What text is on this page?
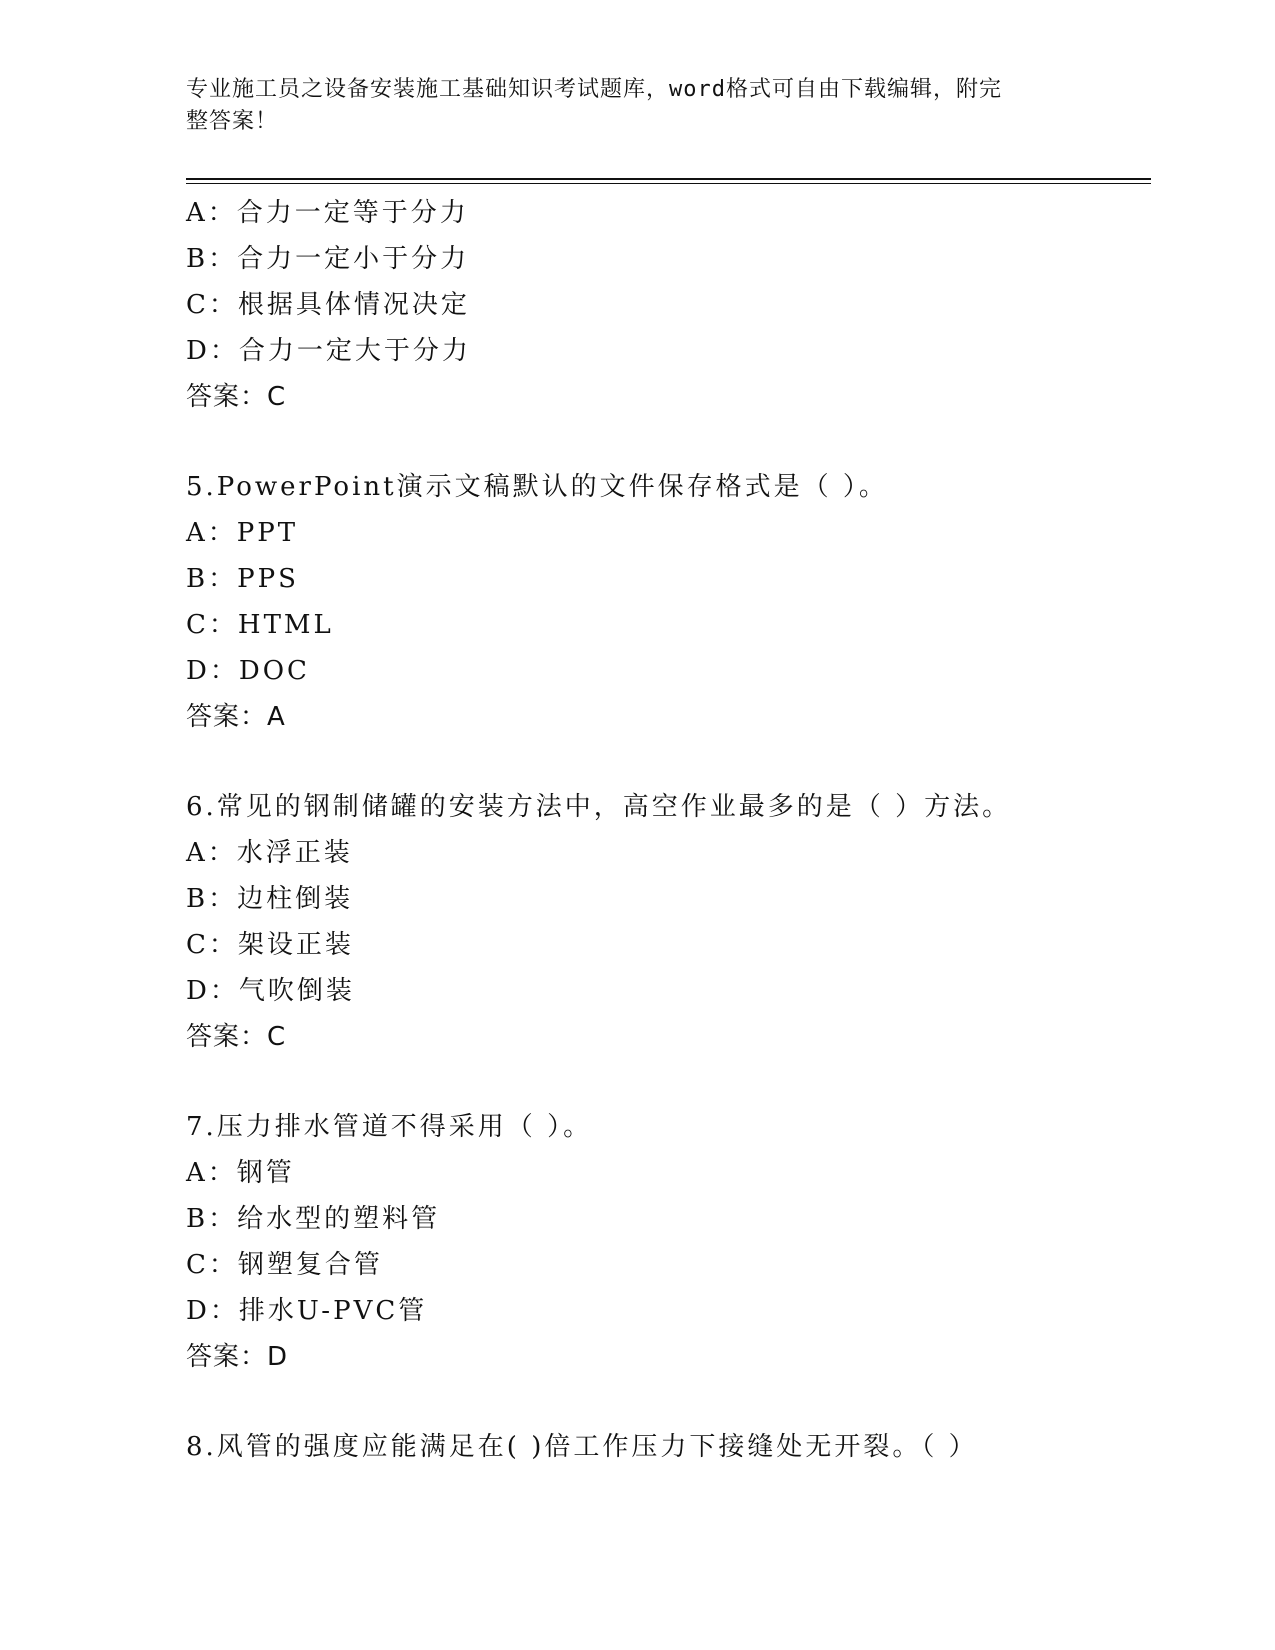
专业施工员之设备安装施工基础知识考试题库，word格式可自由下载编辑，附完
整答案！
A：合力一定等于分力
B：合力一定小于分力
C：根据具体情况决定
D：合力一定大于分力
答案：C
5.PowerPoint演示文稿默认的文件保存格式是（ ）。
A：PPT
B：PPS
C：HTML
D：DOC
答案：A
6.常见的钢制储罐的安装方法中，高空作业最多的是（ ）方法。
A：水浮正装
B：边柱倒装
C：架设正装
D：气吹倒装
答案：C
7.压力排水管道不得采用（ ）。
A：钢管
B：给水型的塑料管
C：钢塑复合管
D：排水U-PVC管
答案：D
8.风管的强度应能满足在( )倍工作压力下接缝处无开裂。（ ）
